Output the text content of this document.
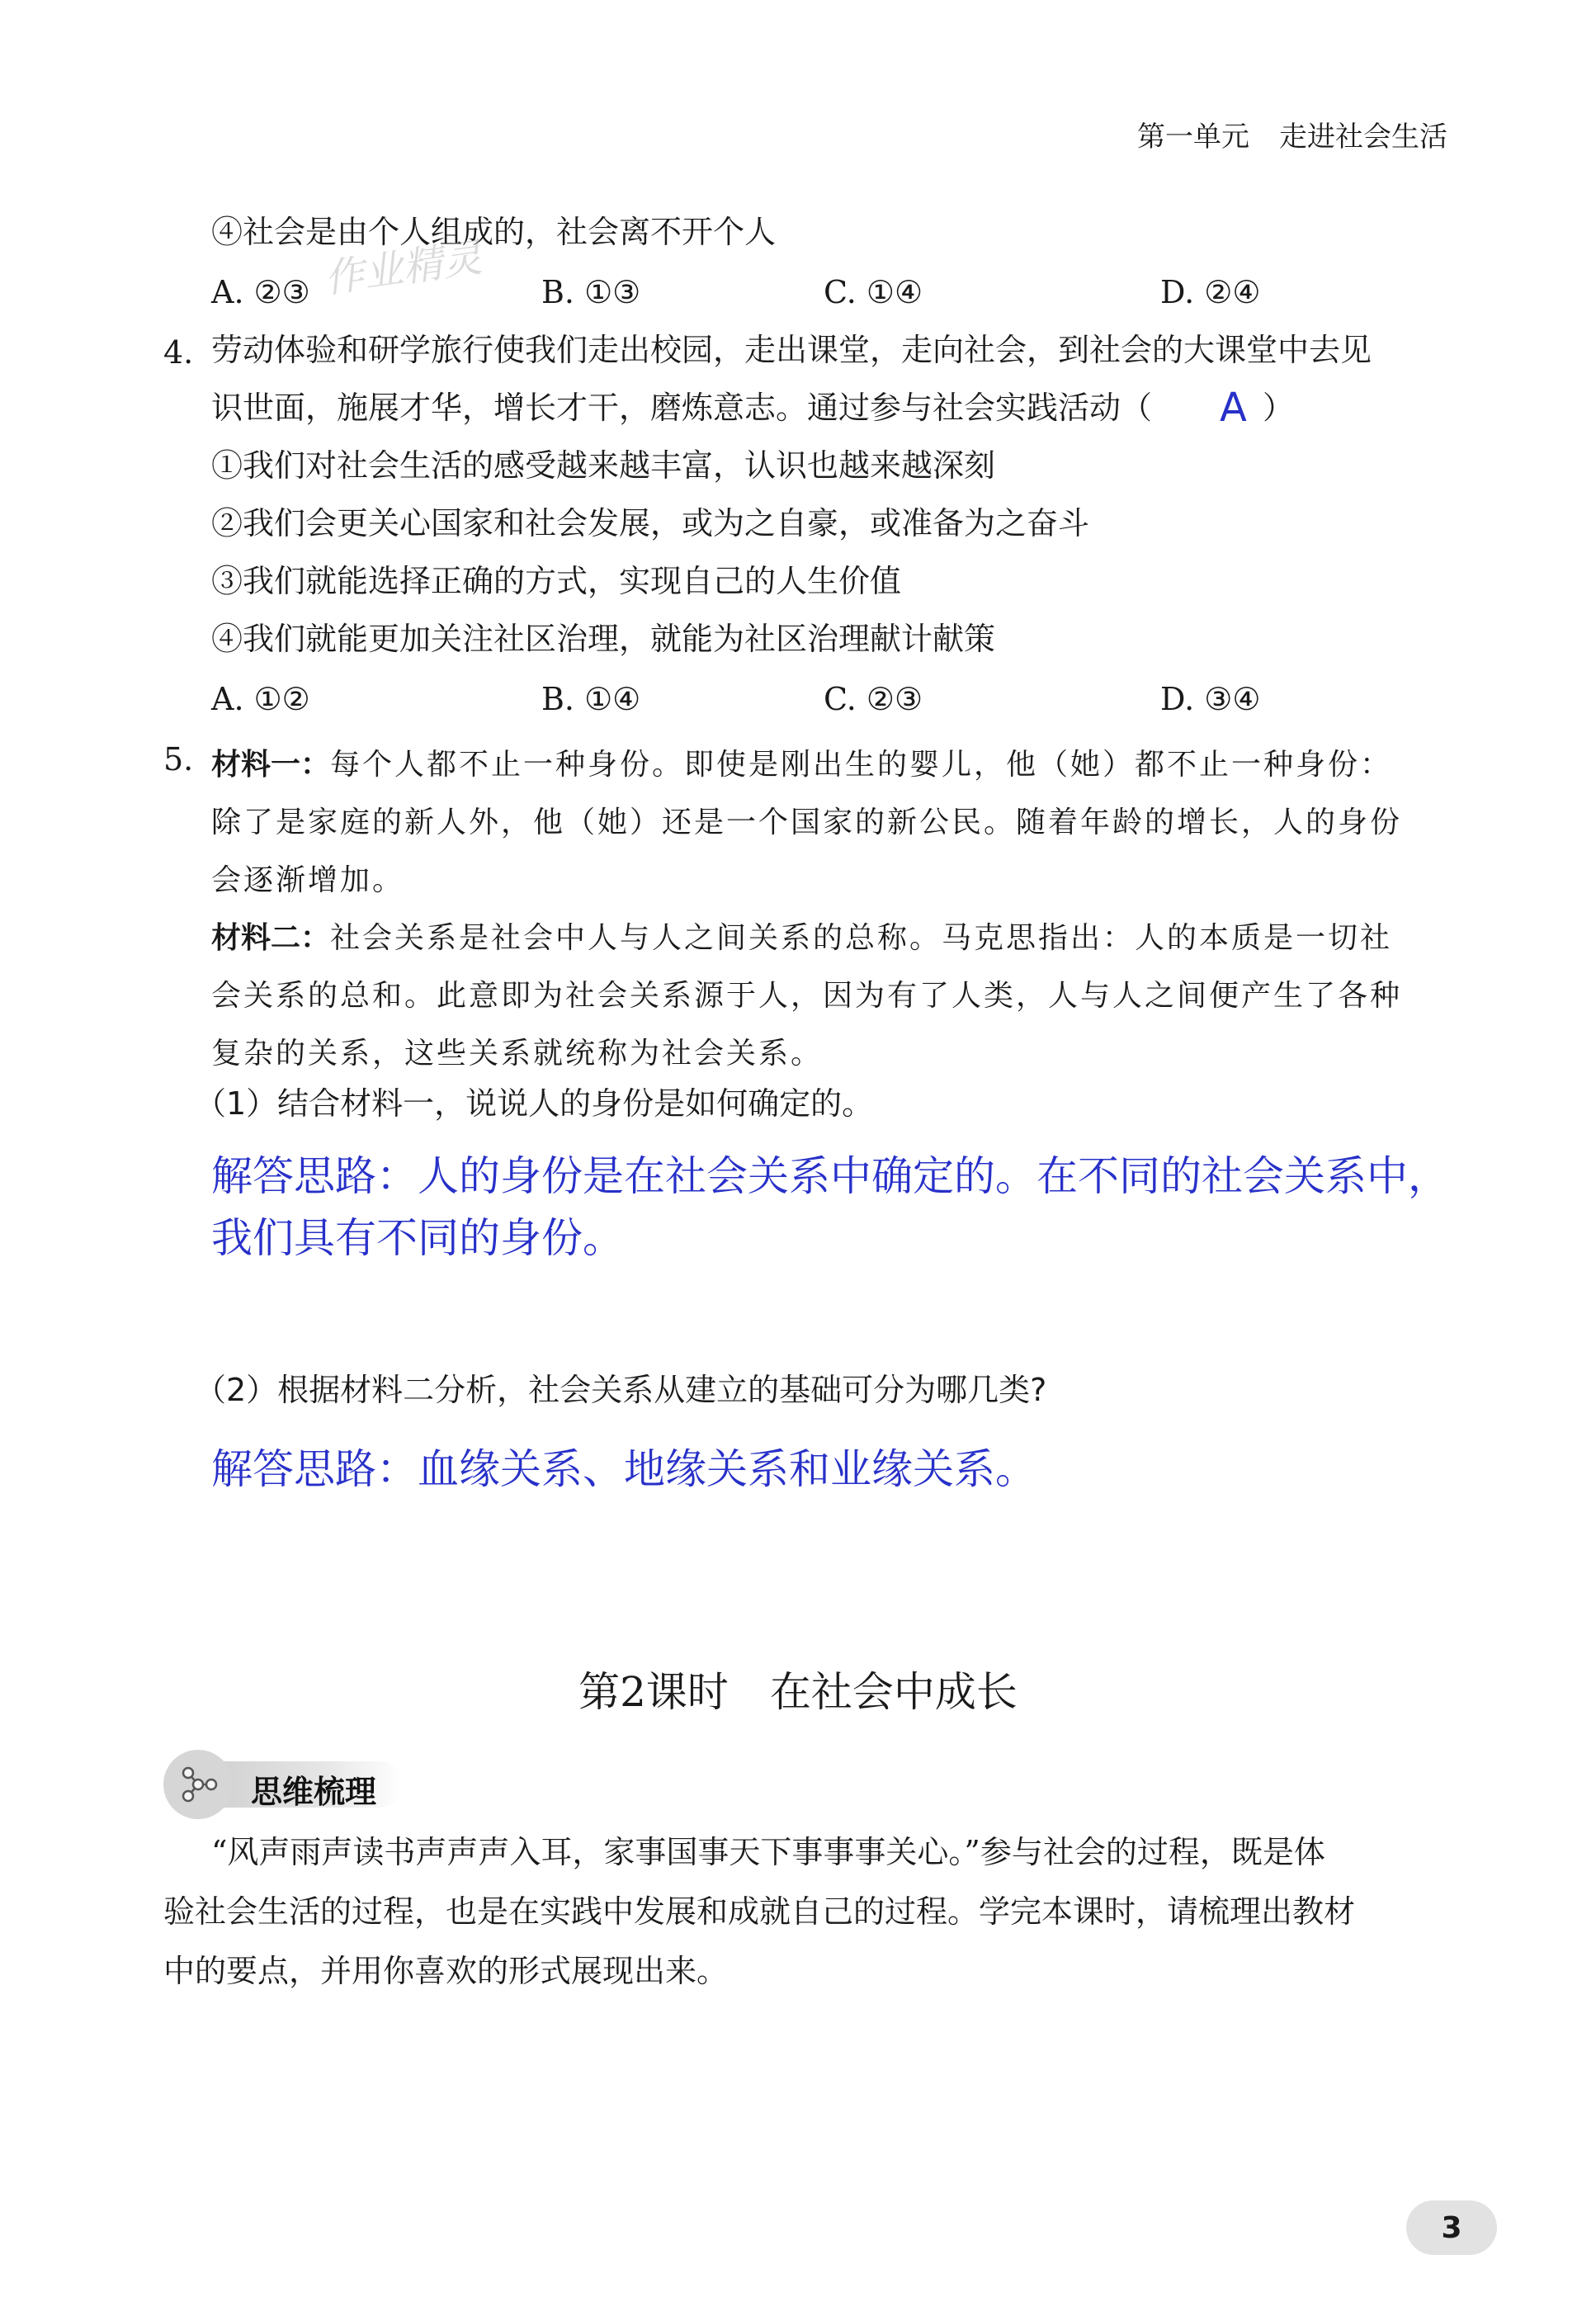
第一单元 走进社会生活
④社会是由个人组成的，社会离不开个人
A. ②③	B. ①③	C. ①④	D. ②④
作业精灵
4. 劳动体验和研学旅行使我们走出校园，走出课堂，走向社会，到社会的大课堂中去见
识世面，施展才华，增长才干，磨炼意志。通过参与社会实践活动（ A ）
①我们对社会生活的感受越来越丰富，认识也越来越深刻
②我们会更关心国家和社会发展，或为之自豪，或准备为之奋斗
③我们就能选择正确的方式，实现自己的人生价值
④我们就能更加关注社区治理，就能为社区治理献计献策
A. ①②	B. ①④	C. ②③	D. ③④
5. 材料一：每个人都不止一种身份。即使是刚出生的婴儿，他（她）都不止一种身份：
除了是家庭的新人外，他（她）还是一个国家的新公民。随着年龄的增长，人的身份
会逐渐增加。
材料二：社会关系是社会中人与人之间关系的总称。马克思指出：人的本质是一切社
会关系的总和。此意即为社会关系源于人，因为有了人类，人与人之间便产生了各种
复杂的关系，这些关系就统称为社会关系。
（1）结合材料一，说说人的身份是如何确定的。
解答思路：人的身份是在社会关系中确定的。在不同的社会关系中，
我们具有不同的身份。
（2）根据材料二分析，社会关系从建立的基础可分为哪几类?
解答思路：血缘关系、地缘关系和业缘关系。
第2课时 在社会中成长
思维梳理
“风声雨声读书声声声入耳，家事国事天下事事事关心。”参与社会的过程，既是体
验社会生活的过程，也是在实践中发展和成就自己的过程。学完本课时，请梳理出教材
中的要点，并用你喜欢的形式展现出来。
3
